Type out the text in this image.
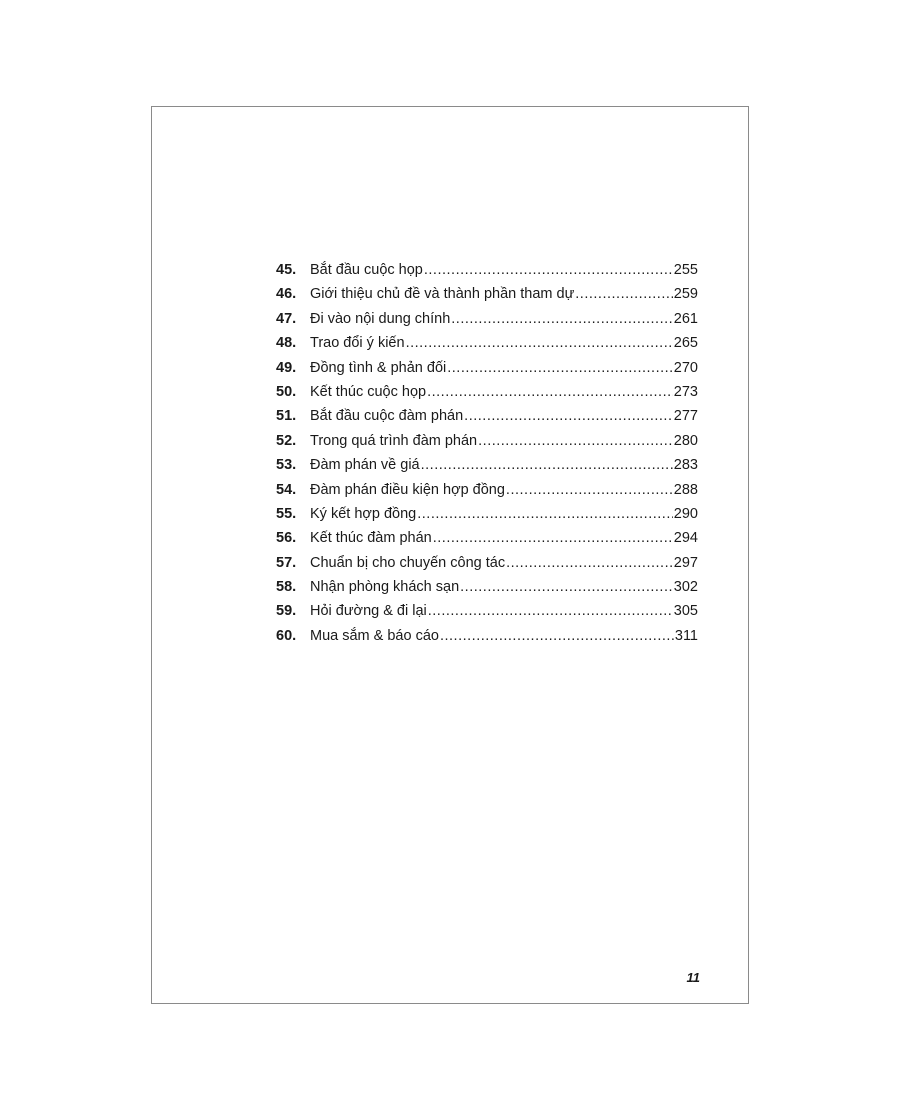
45. Bắt đầu cuộc họp .....	255
46. Giới thiệu chủ đề và thành phần tham dự .....	259
47. Đi vào nội dung chính .....	261
48. Trao đổi ý kiến .....	265
49. Đồng tình & phản đối .....	270
50. Kết thúc cuộc họp .....	273
51. Bắt đầu cuộc đàm phán .....	277
52. Trong quá trình đàm phán .....	280
53. Đàm phán về giá .....	283
54. Đàm phán điều kiện hợp đồng .....	288
55. Ký kết hợp đồng .....	290
56. Kết thúc đàm phán .....	294
57. Chuẩn bị cho chuyến công tác .....	297
58. Nhận phòng khách sạn .....	302
59. Hỏi đường & đi lại .....	305
60. Mua sắm & báo cáo .....	311
11
